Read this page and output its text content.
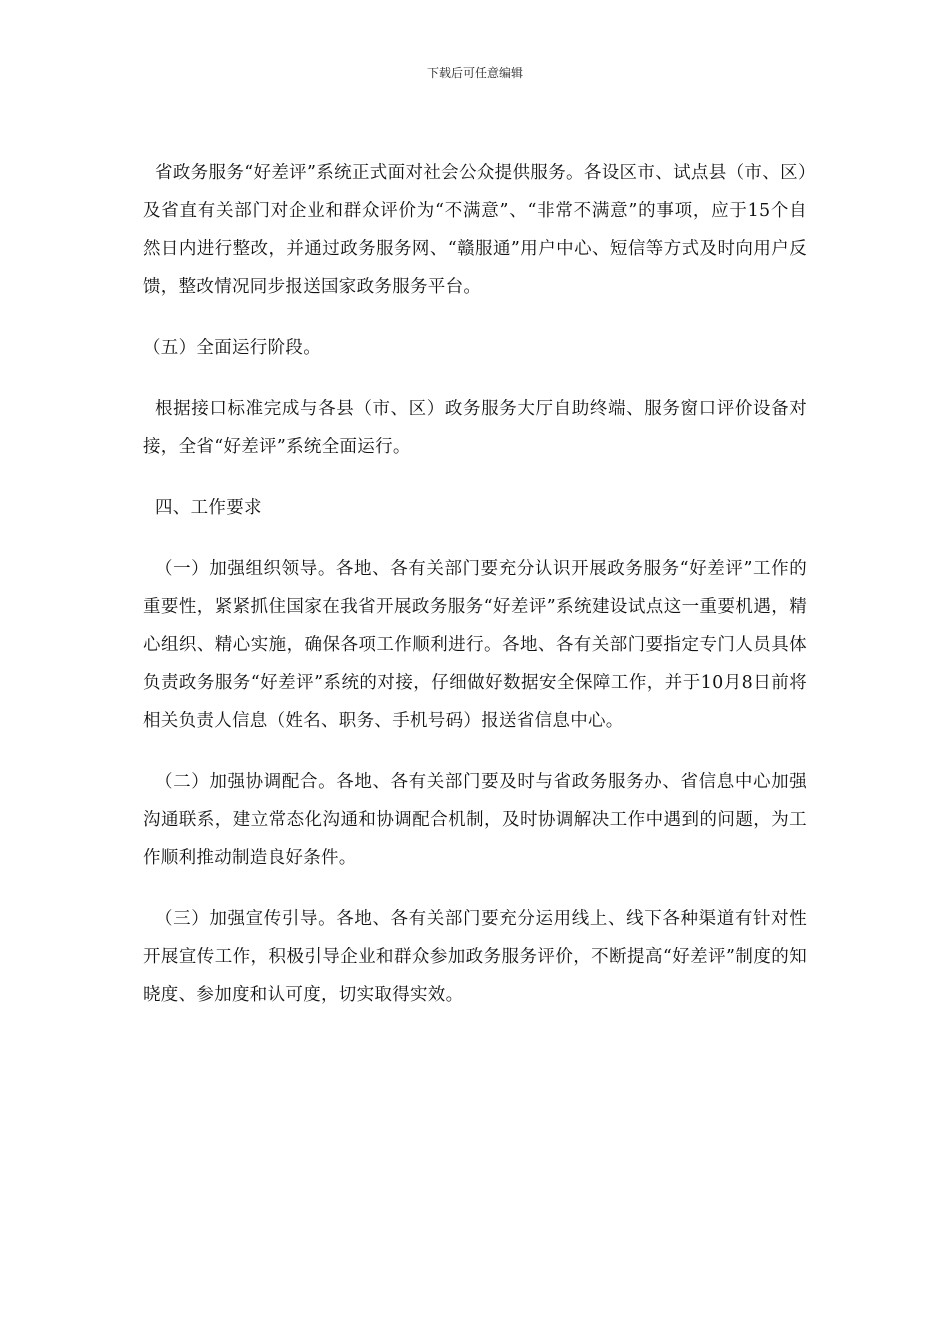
下载后可任意编辑

省政务服务“好差评”系统正式面对社会公众提供服务。各设区市、试点县（市、区）及省直有关部门对企业和群众评价为“不满意”、“非常不满意”的事项，应于15个自然日内进行整改，并通过政务服务网、“赣服通”用户中心、短信等方式及时向用户反馈，整改情况同步报送国家政务服务平台。

（五）全面运行阶段。

根据接口标准完成与各县（市、区）政务服务大厅自助终端、服务窗口评价设备对接，全省“好差评”系统全面运行。

四、工作要求

（一）加强组织领导。各地、各有关部门要充分认识开展政务服务“好差评”工作的重要性，紧紧抓住国家在我省开展政务服务“好差评”系统建设试点这一重要机遇，精心组织、精心实施，确保各项工作顺利进行。各地、各有关部门要指定专门人员具体负责政务服务“好差评”系统的对接，仔细做好数据安全保障工作，并于10月8日前将相关负责人信息（姓名、职务、手机号码）报送省信息中心。

（二）加强协调配合。各地、各有关部门要及时与省政务服务办、省信息中心加强沟通联系，建立常态化沟通和协调配合机制，及时协调解决工作中遇到的问题，为工作顺利推动制造良好条件。

（三）加强宣传引导。各地、各有关部门要充分运用线上、线下各种渠道有针对性开展宣传工作，积极引导企业和群众参加政务服务评价，不断提高“好差评”制度的知晓度、参加度和认可度，切实取得实效。
